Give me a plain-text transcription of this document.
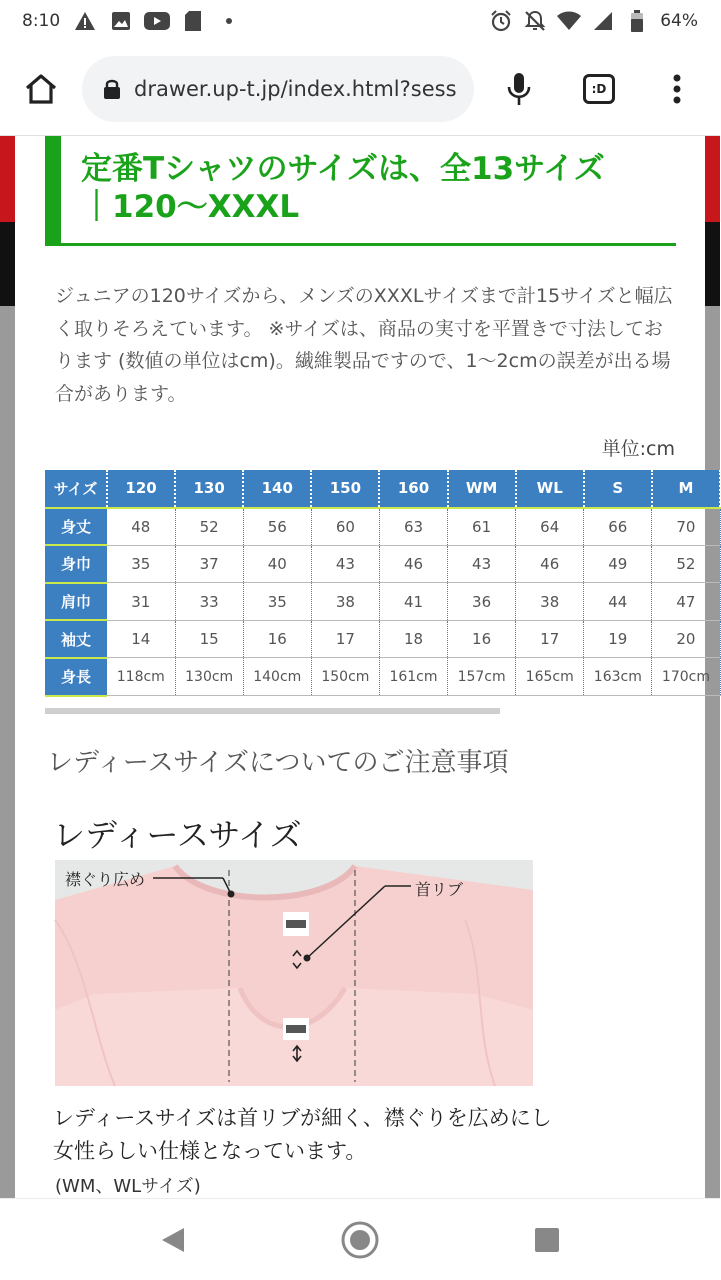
8:10	64%
drawer.up-t.jp/index.html?sess	:D
定番Tシャツのサイズは、全13サイズ
｜120〜XXXL

ジュニアの120サイズから、メンズのXXXLサイズまで計15サイズと幅広く取りそろえています。 ※サイズは、商品の実寸を平置きで寸法しております (数値の単位はcm)。繊維製品ですので、1〜2cmの誤差が出る場合があります。

単位:cm
サイズ	120	130	140	150	160	WM	WL	S	M
身丈	48	52	56	60	63	61	64	66	70
身巾	35	37	40	43	46	43	46	49	52
肩巾	31	33	35	38	41	36	38	44	47
袖丈	14	15	16	17	18	16	17	19	20
身長	118cm	130cm	140cm	150cm	161cm	157cm	165cm	163cm	170cm
レディースサイズについてのご注意事項
レディースサイズ
襟ぐり広め
首リブ

レディースサイズは首リブが細く、襟ぐりを広めにし女性らしい仕様となっています。

(WM、WLサイズ)
